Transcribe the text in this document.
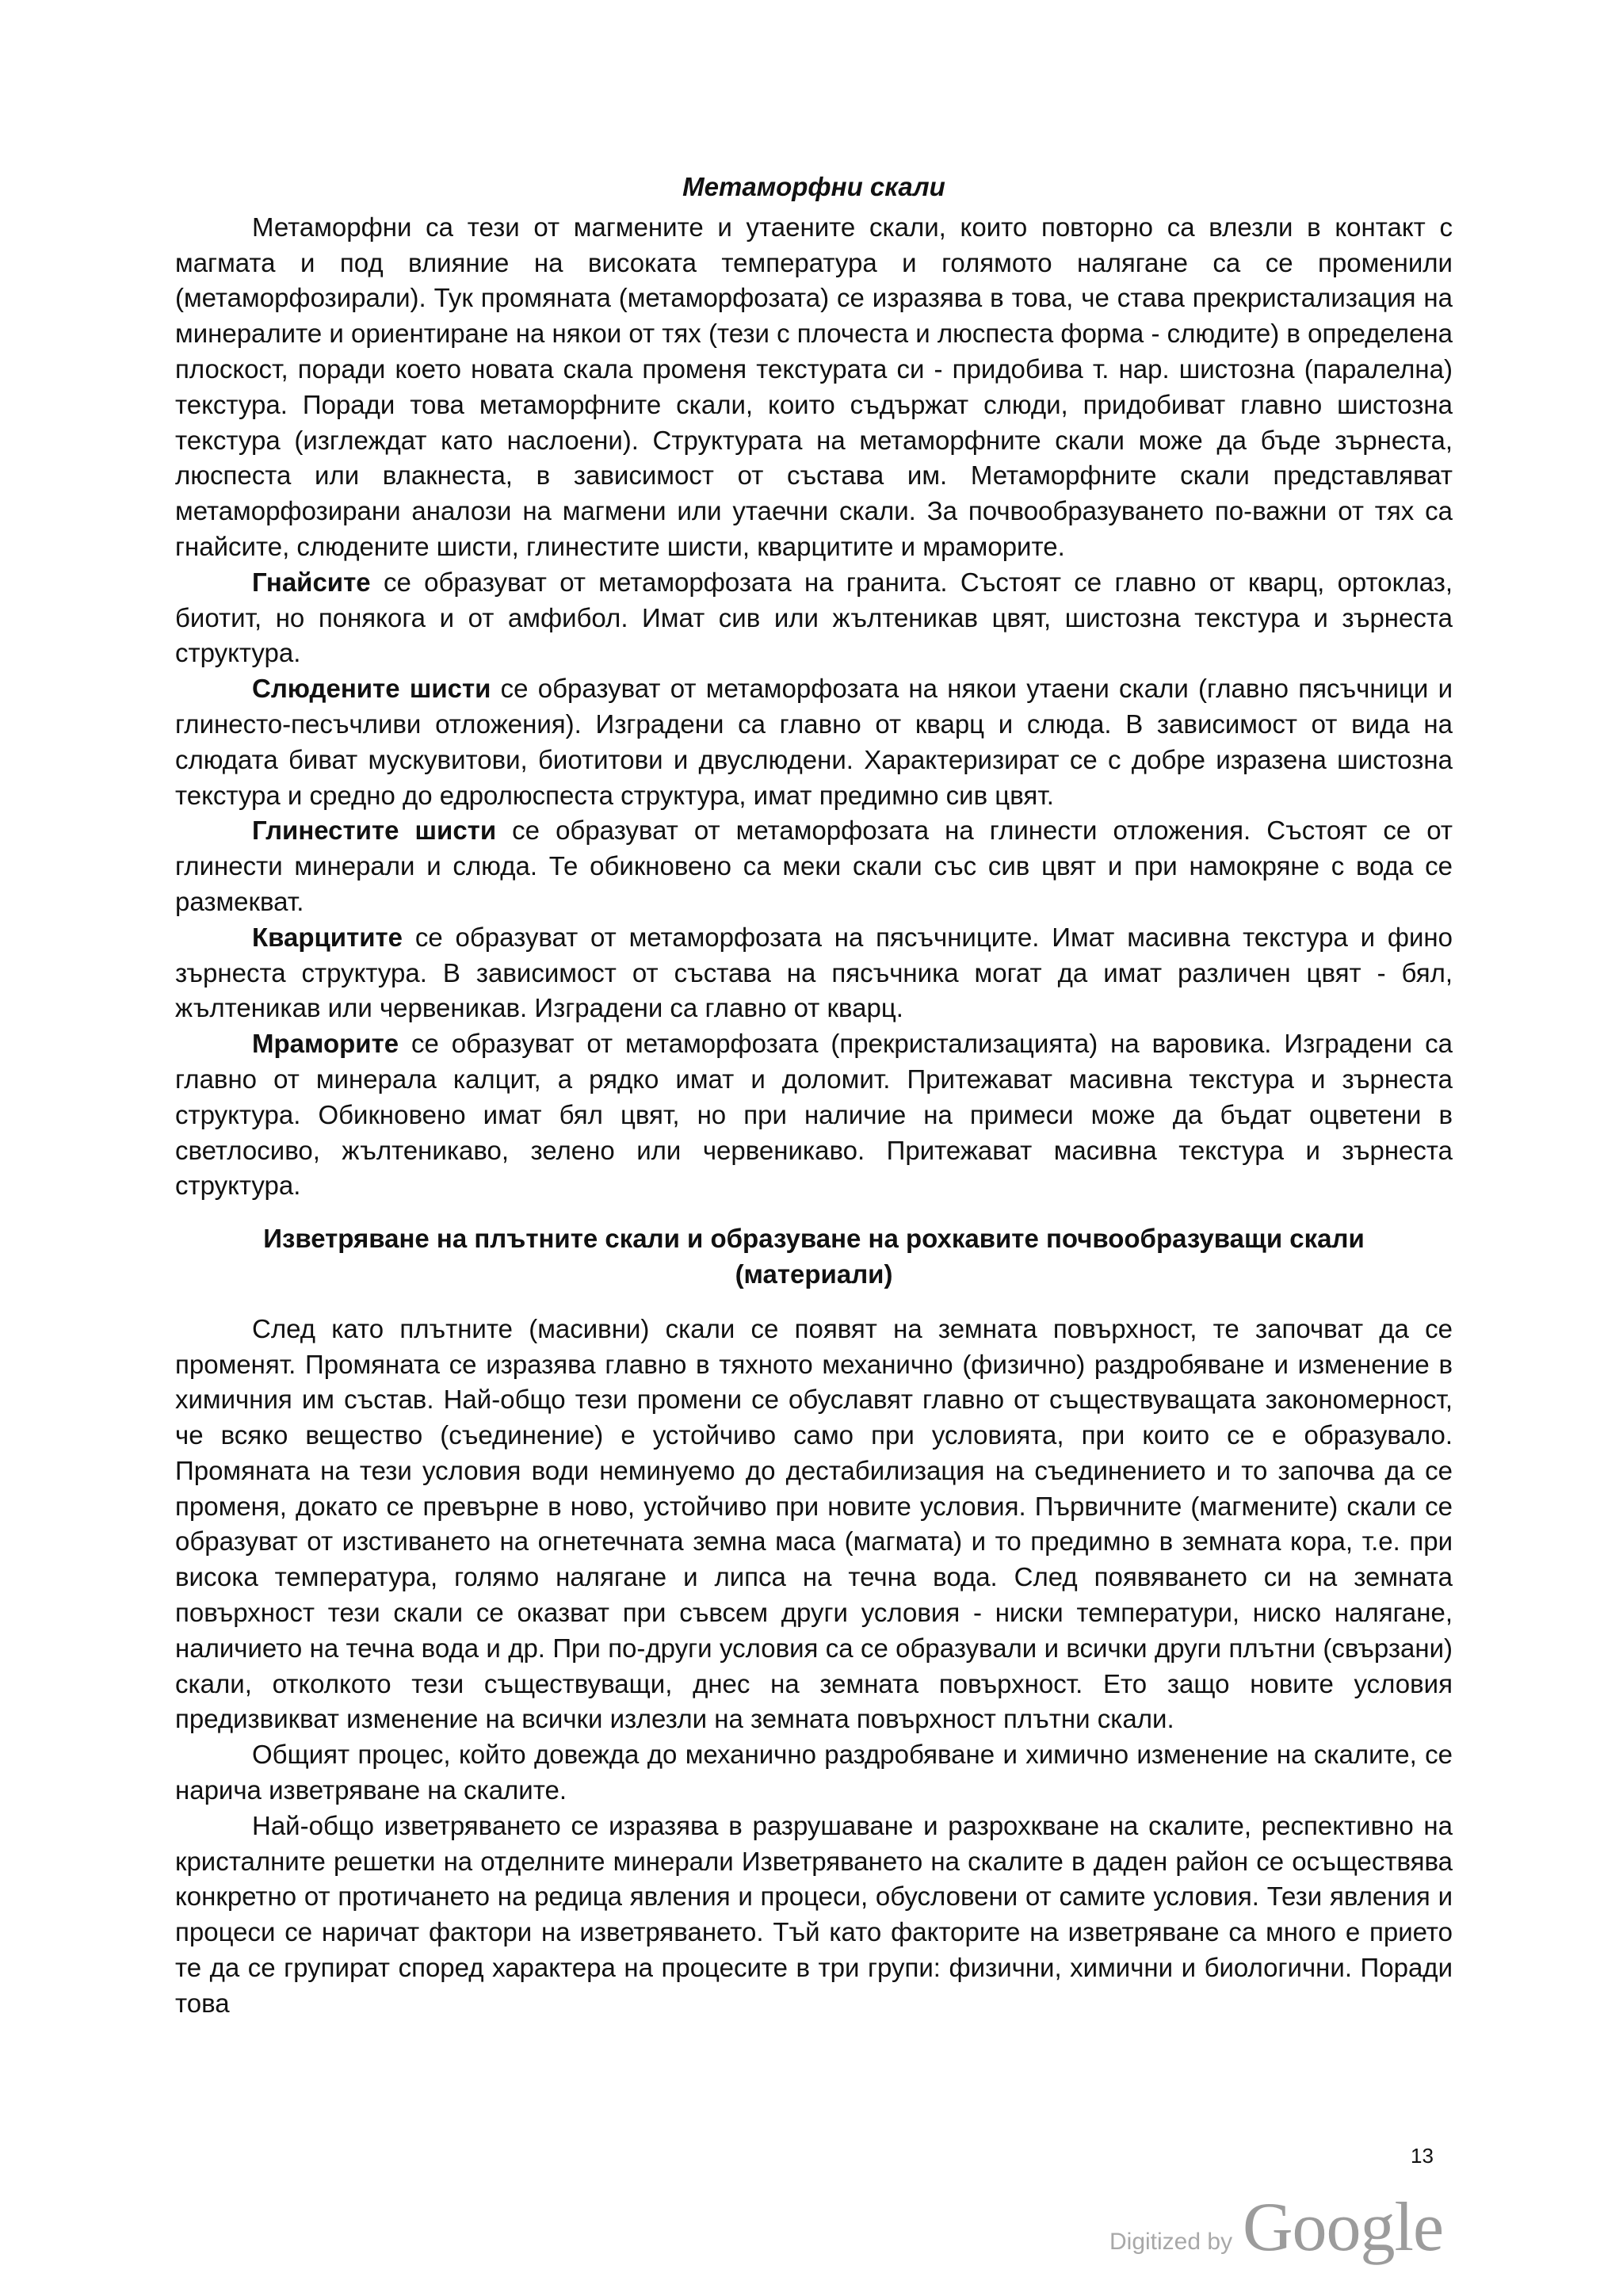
Метаморфни скали

Метаморфни са тези от магмените и утаените скали, които повторно са влезли в контакт с магмата и под влияние на високата температура и голямото налягане са се променили (метаморфозирали). Тук промяната (метаморфозата) се изразява в това, че става прекристализация на минералите и ориентиране на някои от тях (тези с плочеста и люспеста форма - слюдите) в определена плоскост, поради което новата скала променя текстурата си - придобива т. нар. шистозна (паралелна) текстура. Поради това метаморфните скали, които съдържат слюди, придобиват главно шистозна текстура (изглеждат като наслоени). Структурата на метаморфните скали може да бъде зърнеста, люспеста или влакнеста, в зависимост от състава им. Метаморфните скали представляват метаморфозирани аналози на магмени или утаечни скали. За почвообразуването по-важни от тях са гнайсите, слюдените шисти, глинестите шисти, кварцитите и мраморите.

Гнайсите се образуват от метаморфозата на гранита. Състоят се главно от кварц, ортоклаз, биотит, но понякога и от амфибол. Имат сив или жълтеникав цвят, шистозна текстура и зърнеста структура.

Слюдените шисти се образуват от метаморфозата на някои утаени скали (главно пясъчници и глинесто-песъчливи отложения). Изградени са главно от кварц и слюда. В зависимост от вида на слюдата биват мускувитови, биотитови и двуслюдени. Характеризират се с добре изразена шистозна текстура и средно до едролюспеста структура, имат предимно сив цвят.

Глинестите шисти се образуват от метаморфозата на глинести отложения. Състоят се от глинести минерали и слюда. Те обикновено са меки скали със сив цвят и при намокряне с вода се размекват.

Кварцитите се образуват от метаморфозата на пясъчниците. Имат масивна текстура и фино зърнеста структура. В зависимост от състава на пясъчника могат да имат различен цвят - бял, жълтеникав или червеникав. Изградени са главно от кварц.

Мраморите се образуват от метаморфозата (прекристализацията) на варовика. Изградени са главно от минерала калцит, а рядко имат и доломит. Притежават масивна текстура и зърнеста структура. Обикновено имат бял цвят, но при наличие на примеси може да бъдат оцветени в светлосиво, жълтеникаво, зелено или червеникаво. Притежават масивна текстура и зърнеста структура.

Изветряване на плътните скали и образуване на рохкавите почвообразуващи скали
(материали)

След като плътните (масивни) скали се появят на земната повърхност, те започват да се променят. Промяната се изразява главно в тяхното механично (физично) раздробяване и изменение в химичния им състав. Най-общо тези промени се обуславят главно от съществуващата закономерност, че всяко вещество (съединение) е устойчиво само при условията, при които се е образувало. Промяната на тези условия води неминуемо до дестабилизация на съединението и то започва да се променя, докато се превърне в ново, устойчиво при новите условия. Първичните (магмените) скали се образуват от изстиването на огнетечната земна маса (магмата) и то предимно в земната кора, т.е. при висока температура, голямо налягане и липса на течна вода. След появяването си на земната повърхност тези скали се оказват при съвсем други условия - ниски температури, ниско налягане, наличието на течна вода и др. При по-други условия са се образували и всички други плътни (свързани) скали, отколкото тези съществуващи, днес на земната повърхност. Ето защо новите условия предизвикват изменение на всички излезли на земната повърхност плътни скали.

Общият процес, който довежда до механично раздробяване и химично изменение на скалите, се нарича изветряване на скалите.

Най-общо изветряването се изразява в разрушаване и разрохкване на скалите, респективно на кристалните решетки на отделните минерали Изветряването на скалите в даден район се осъществява конкретно от протичането на редица явления и процеси, обусловени от самите условия. Тези явления и процеси се наричат фактори на изветряването. Тъй като факторите на изветряване са много е прието те да се групират според характера на процесите в три групи: физични, химични и биологични. Поради това

13
Digitized by Google
